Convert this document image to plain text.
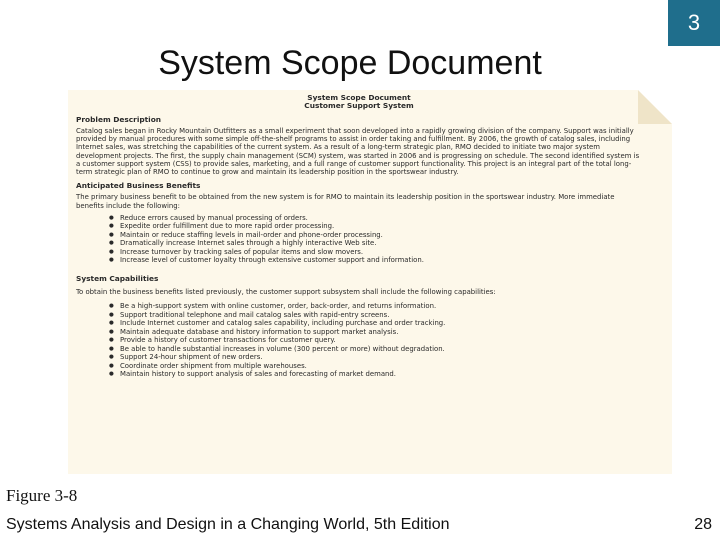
3
System Scope Document
System Scope Document
Customer Support System
Problem Description

Catalog sales began in Rocky Mountain Outfitters as a small experiment that soon developed into a rapidly growing division of the company. Support was initially provided by manual procedures with some simple off-the-shelf programs to assist in order taking and fulfillment. By 2006, the growth of catalog sales, including Internet sales, was stretching the capabilities of the current system. As a result of a long-term strategic plan, RMO decided to initiate two major system development projects. The first, the supply chain management (SCM) system, was started in 2006 and is progressing on schedule. The second identified system is a customer support system (CSS) to provide sales, marketing, and a full range of customer support functionality. This project is an integral part of the total long-term strategic plan of RMO to continue to grow and maintain its leadership position in the sportswear industry.

Anticipated Business Benefits

The primary business benefit to be obtained from the new system is for RMO to maintain its leadership position in the sportswear industry. More immediate benefits include the following:

● Reduce errors caused by manual processing of orders.
● Expedite order fulfillment due to more rapid order processing.
● Maintain or reduce staffing levels in mail-order and phone-order processing.
● Dramatically increase Internet sales through a highly interactive Web site.
● Increase turnover by tracking sales of popular items and slow movers.
● Increase level of customer loyalty through extensive customer support and information.
System Capabilities

To obtain the business benefits listed previously, the customer support subsystem shall include the following capabilities:

● Be a high-support system with online customer, order, back-order, and returns information.
● Support traditional telephone and mail catalog sales with rapid-entry screens.
● Include Internet customer and catalog sales capability, including purchase and order tracking.
● Maintain adequate database and history information to support market analysis.
● Provide a history of customer transactions for customer query.
● Be able to handle substantial increases in volume (300 percent or more) without degradation.
● Support 24-hour shipment of new orders.
● Coordinate order shipment from multiple warehouses.
● Maintain history to support analysis of sales and forecasting of market demand.
Figure 3-8
Systems Analysis and Design in a Changing World, 5th Edition	28
